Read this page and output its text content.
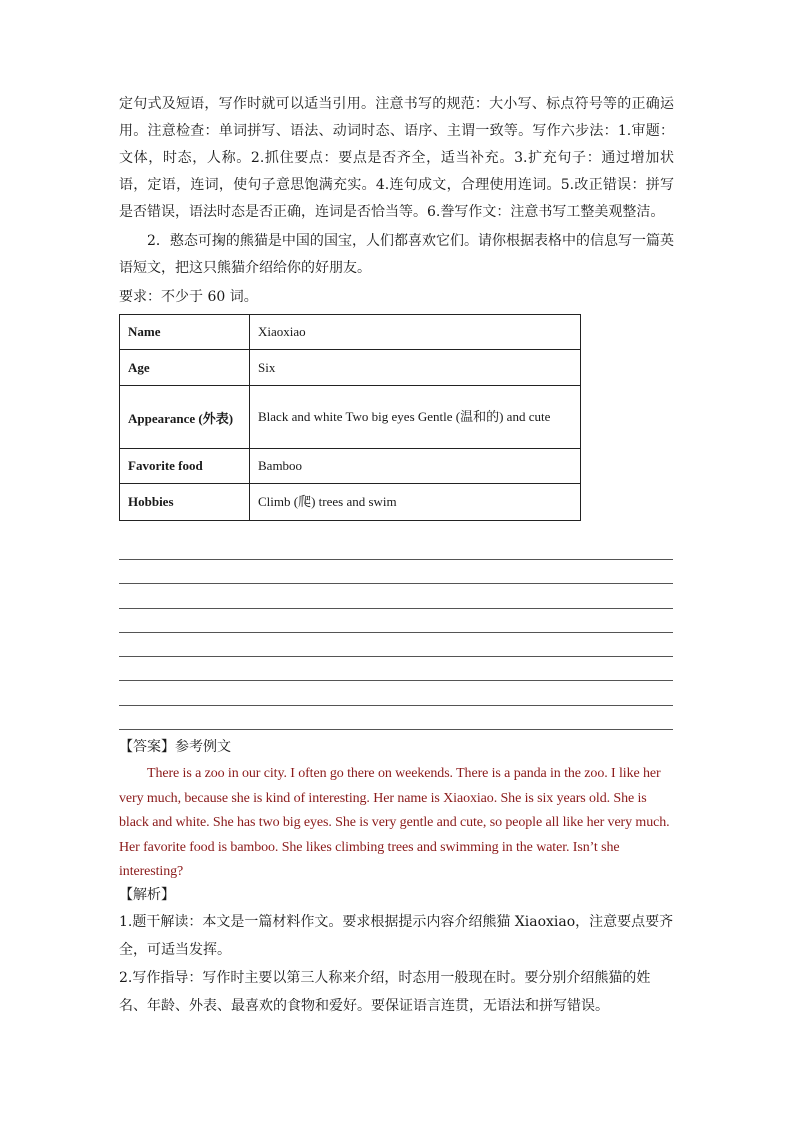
定句式及短语，写作时就可以适当引用。注意书写的规范：大小写、标点符号等的正确运用。注意检查：单词拼写、语法、动词时态、语序、主谓一致等。写作六步法：1.审题：文体，时态，人称。2.抓住要点：要点是否齐全，适当补充。3.扩充句子：通过增加状语，定语，连词，使句子意思饱满充实。4.连句成文，合理使用连词。5.改正错误：拼写是否错误，语法时态是否正确，连词是否恰当等。6.誊写作文：注意书写工整美观整洁。

2．憨态可掬的熊猫是中国的国宝，人们都喜欢它们。请你根据表格中的信息写一篇英语短文，把这只熊猫介绍给你的好朋友。

要求：不少于 60 词。

Name	Xiaoxiao
Age	Six
Appearance (外表)	Black and white Two big eyes Gentle (温和的) and cute
Favorite food	Bamboo
Hobbies	Climb (爬) trees and swim

【答案】参考例文

There is a zoo in our city. I often go there on weekends. There is a panda in the zoo. I like her very much, because she is kind of interesting. Her name is Xiaoxiao. She is six years old. She is black and white. She has two big eyes. She is very gentle and cute, so people all like her very much. Her favorite food is bamboo. She likes climbing trees and swimming in the water. Isn’t she interesting?

【解析】

1.题干解读：本文是一篇材料作文。要求根据提示内容介绍熊猫 Xiaoxiao，注意要点要齐全，可适当发挥。

2.写作指导：写作时主要以第三人称来介绍，时态用一般现在时。要分别介绍熊猫的姓名、年龄、外表、最喜欢的食物和爱好。要保证语言连贯，无语法和拼写错误。
